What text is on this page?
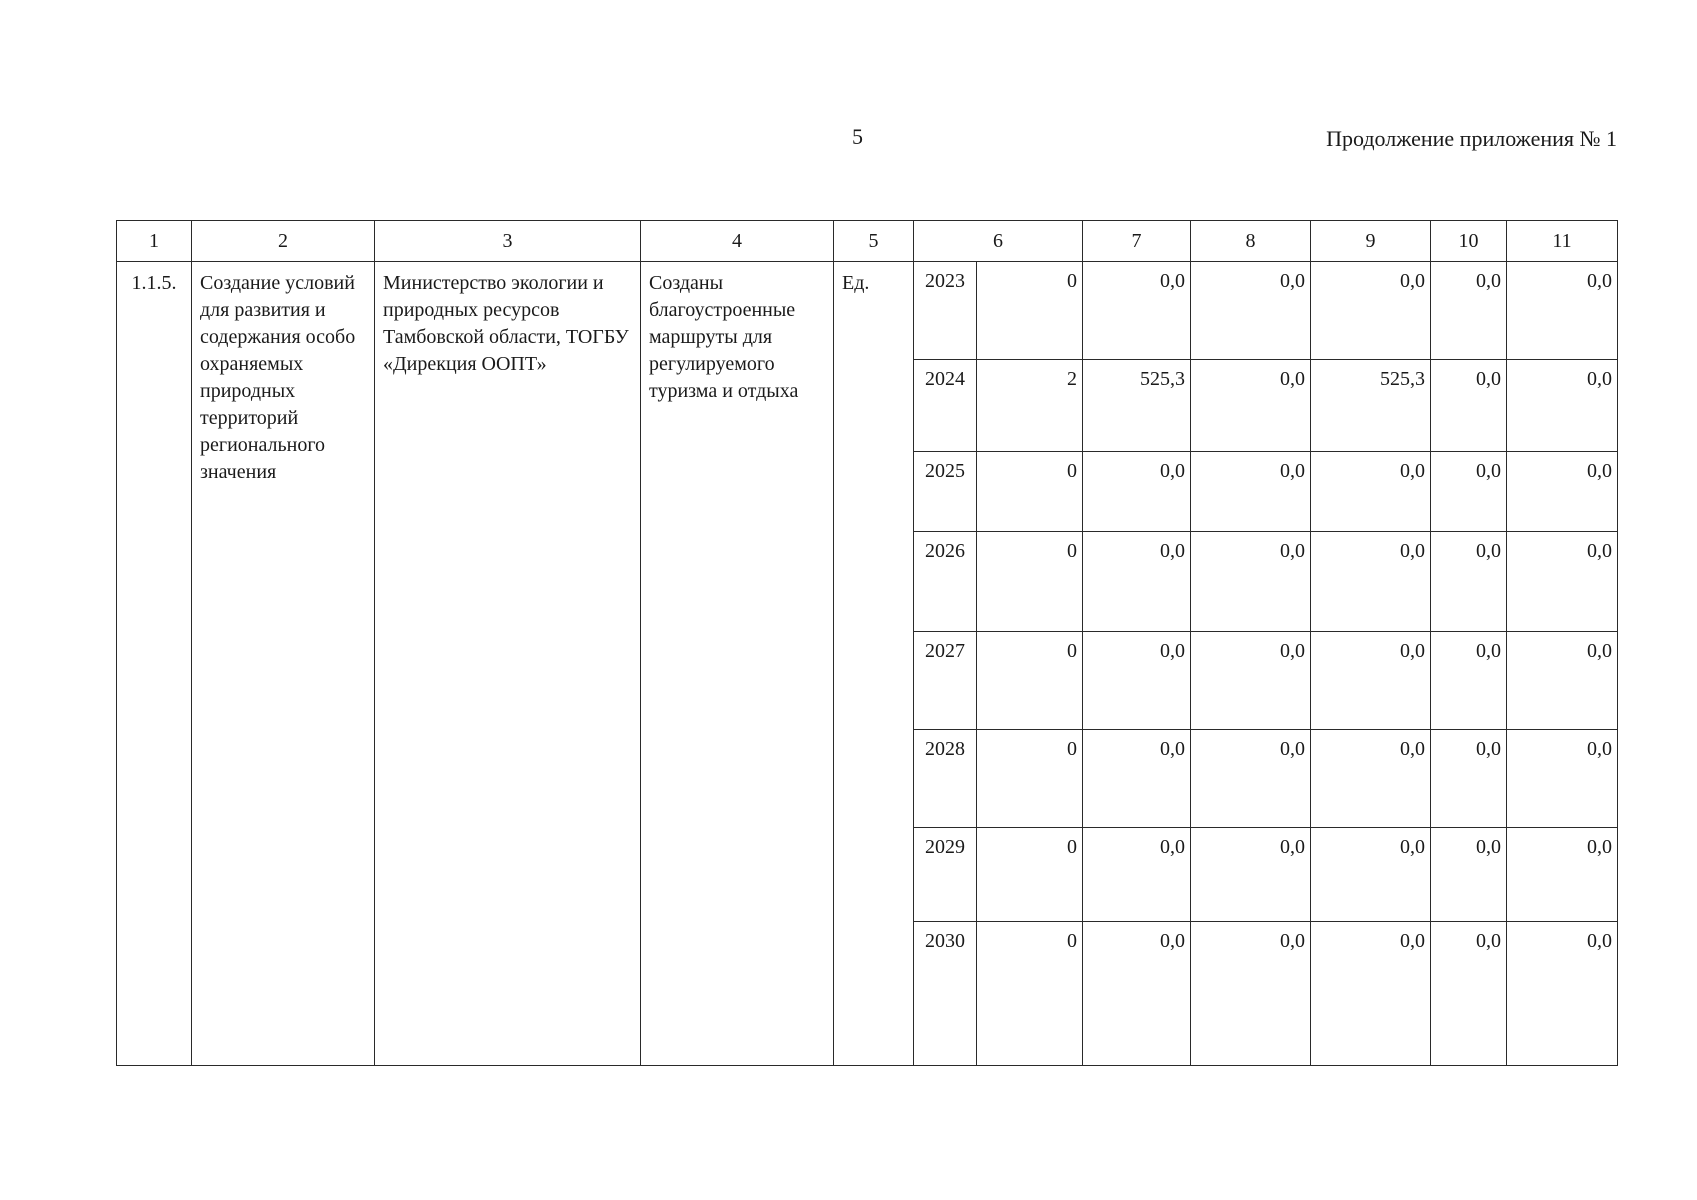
5	Продолжение приложения № 1
1	2	3	4	5	6		7	8	9	10	11
1.1.5.	Создание условий для развития и содержания особо охраняемых природных территорий регионального значения	Министерство экологии и природных ресурсов Тамбовской области, ТОГБУ «Дирекция ООПТ»	Созданы благоустроенные маршруты для регулируемого туризма и отдыха	Ед.	2023	0	0,0	0,0	0,0	0,0	0,0
					2024	2	525,3	0,0	525,3	0,0	0,0
					2025	0	0,0	0,0	0,0	0,0	0,0
					2026	0	0,0	0,0	0,0	0,0	0,0
					2027	0	0,0	0,0	0,0	0,0	0,0
					2028	0	0,0	0,0	0,0	0,0	0,0
					2029	0	0,0	0,0	0,0	0,0	0,0
					2030	0	0,0	0,0	0,0	0,0	0,0
